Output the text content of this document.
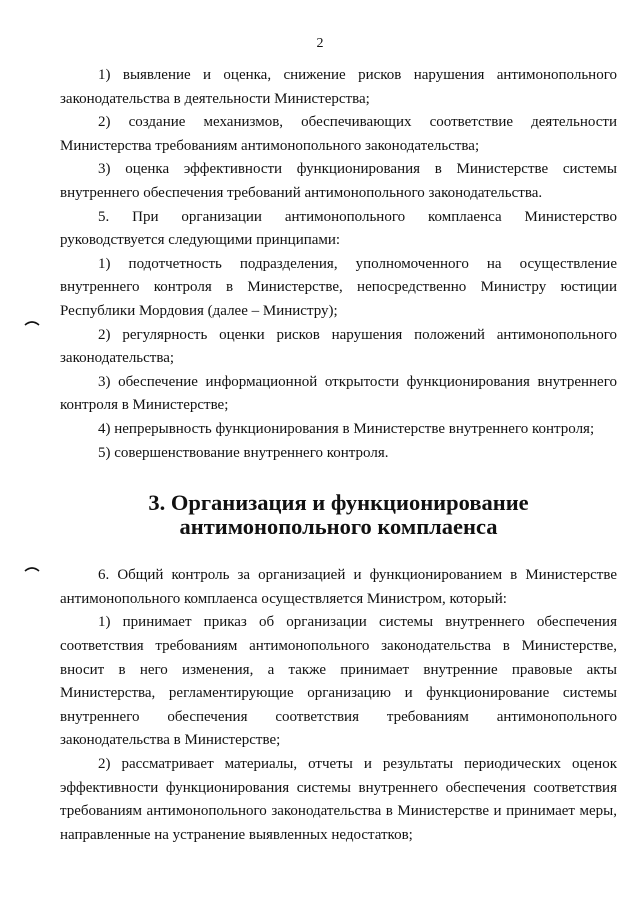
2

1) выявление и оценка, снижение рисков нарушения антимонопольного законодательства в деятельности Министерства;

2) создание механизмов, обеспечивающих соответствие деятельности Министерства требованиям антимонопольного законодательства;

3) оценка эффективности функционирования в Министерстве системы внутреннего обеспечения требований антимонопольного законодательства.

5. При организации антимонопольного комплаенса Министерство руководствуется следующими принципами:

1) подотчетность подразделения, уполномоченного на осуществление внутреннего контроля в Министерстве, непосредственно Министру юстиции Республики Мордовия (далее – Министру);

2) регулярность оценки рисков нарушения положений антимонопольного законодательства;

3) обеспечение информационной открытости функционирования внутреннего контроля в Министерстве;

4) непрерывность функционирования в Министерстве внутреннего контроля;

5) совершенствование внутреннего контроля.

3. Организация и функционирование антимонопольного комплаенса

6. Общий контроль за организацией и функционированием в Министерстве антимонопольного комплаенса осуществляется Министром, который:

1) принимает приказ об организации системы внутреннего обеспечения соответствия требованиям антимонопольного законодательства в Министерстве, вносит в него изменения, а также принимает внутренние правовые акты Министерства, регламентирующие организацию и функционирование системы внутреннего обеспечения соответствия требованиям антимонопольного законодательства в Министерстве;

2) рассматривает материалы, отчеты и результаты периодических оценок эффективности функционирования системы внутреннего обеспечения соответствия требованиям антимонопольного законодательства в Министерстве и принимает меры, направленные на устранение выявленных недостатков;
